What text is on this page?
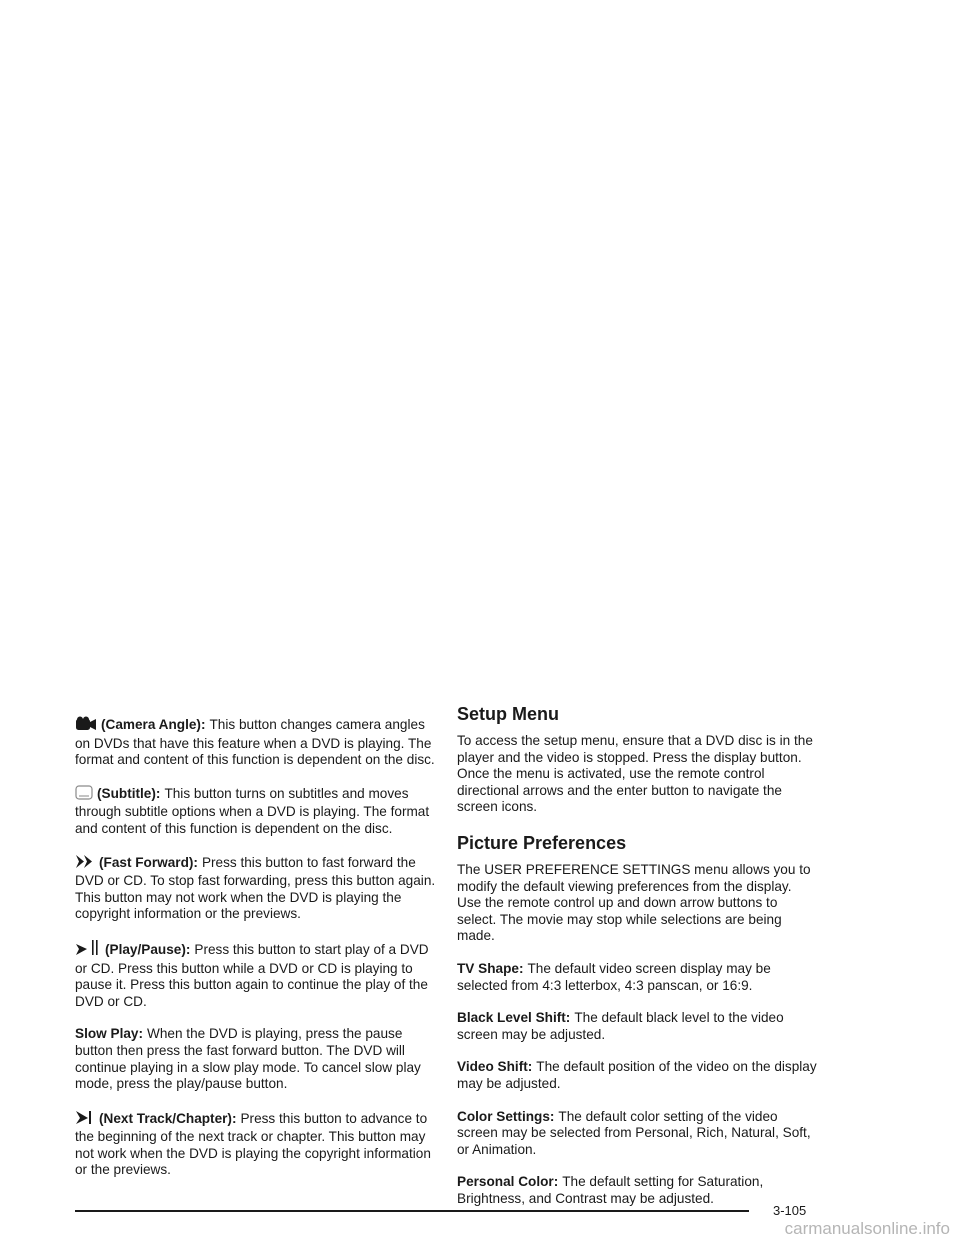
(Camera Angle): This button changes camera angles on DVDs that have this feature when a DVD is playing. The format and content of this function is dependent on the disc.

(Subtitle): This button turns on subtitles and moves through subtitle options when a DVD is playing. The format and content of this function is dependent on the disc.

(Fast Forward): Press this button to fast forward the DVD or CD. To stop fast forwarding, press this button again. This button may not work when the DVD is playing the copyright information or the previews.

(Play/Pause): Press this button to start play of a DVD or CD. Press this button while a DVD or CD is playing to pause it. Press this button again to continue the play of the DVD or CD.

Slow Play: When the DVD is playing, press the pause button then press the fast forward button. The DVD will continue playing in a slow play mode. To cancel slow play mode, press the play/pause button.

(Next Track/Chapter): Press this button to advance to the beginning of the next track or chapter. This button may not work when the DVD is playing the copyright information or the previews.

Setup Menu

To access the setup menu, ensure that a DVD disc is in the player and the video is stopped. Press the display button. Once the menu is activated, use the remote control directional arrows and the enter button to navigate the screen icons.

Picture Preferences

The USER PREFERENCE SETTINGS menu allows you to modify the default viewing preferences from the display. Use the remote control up and down arrow buttons to select. The movie may stop while selections are being made.

TV Shape: The default video screen display may be selected from 4:3 letterbox, 4:3 panscan, or 16:9.

Black Level Shift: The default black level to the video screen may be adjusted.

Video Shift: The default position of the video on the display may be adjusted.

Color Settings: The default color setting of the video screen may be selected from Personal, Rich, Natural, Soft, or Animation.

Personal Color: The default setting for Saturation, Brightness, and Contrast may be adjusted.

3-105
carmanualsonline.info
